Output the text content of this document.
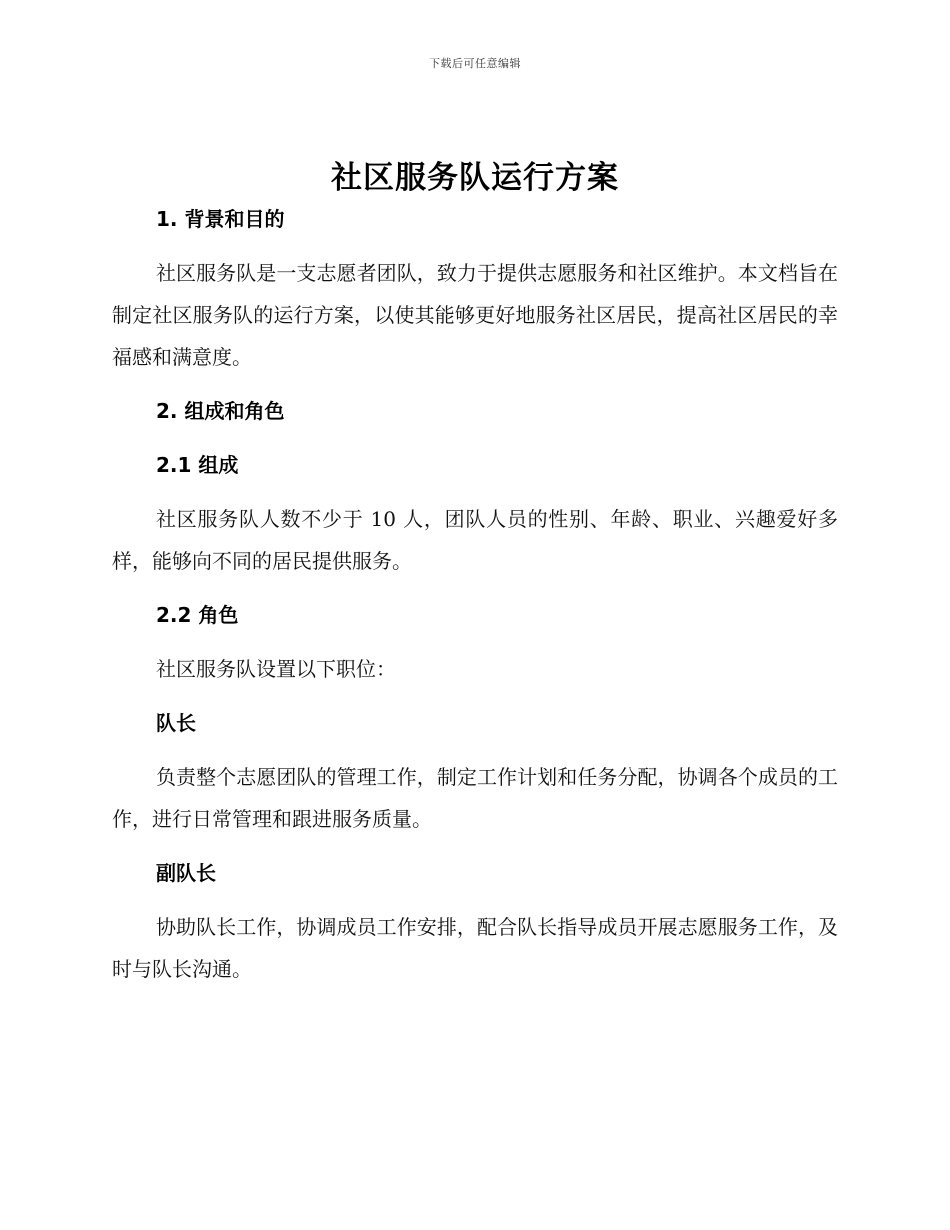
下载后可任意编辑
社区服务队运行方案
1. 背景和目的

社区服务队是一支志愿者团队，致力于提供志愿服务和社区维护。本文档旨在制定社区服务队的运行方案，以使其能够更好地服务社区居民，提高社区居民的幸福感和满意度。

2. 组成和角色
2.1 组成

社区服务队人数不少于 10 人，团队人员的性别、年龄、职业、兴趣爱好多样，能够向不同的居民提供服务。

2.2 角色

社区服务队设置以下职位：

队长

负责整个志愿团队的管理工作，制定工作计划和任务分配，协调各个成员的工作，进行日常管理和跟进服务质量。

副队长

协助队长工作，协调成员工作安排，配合队长指导成员开展志愿服务工作，及时与队长沟通。
